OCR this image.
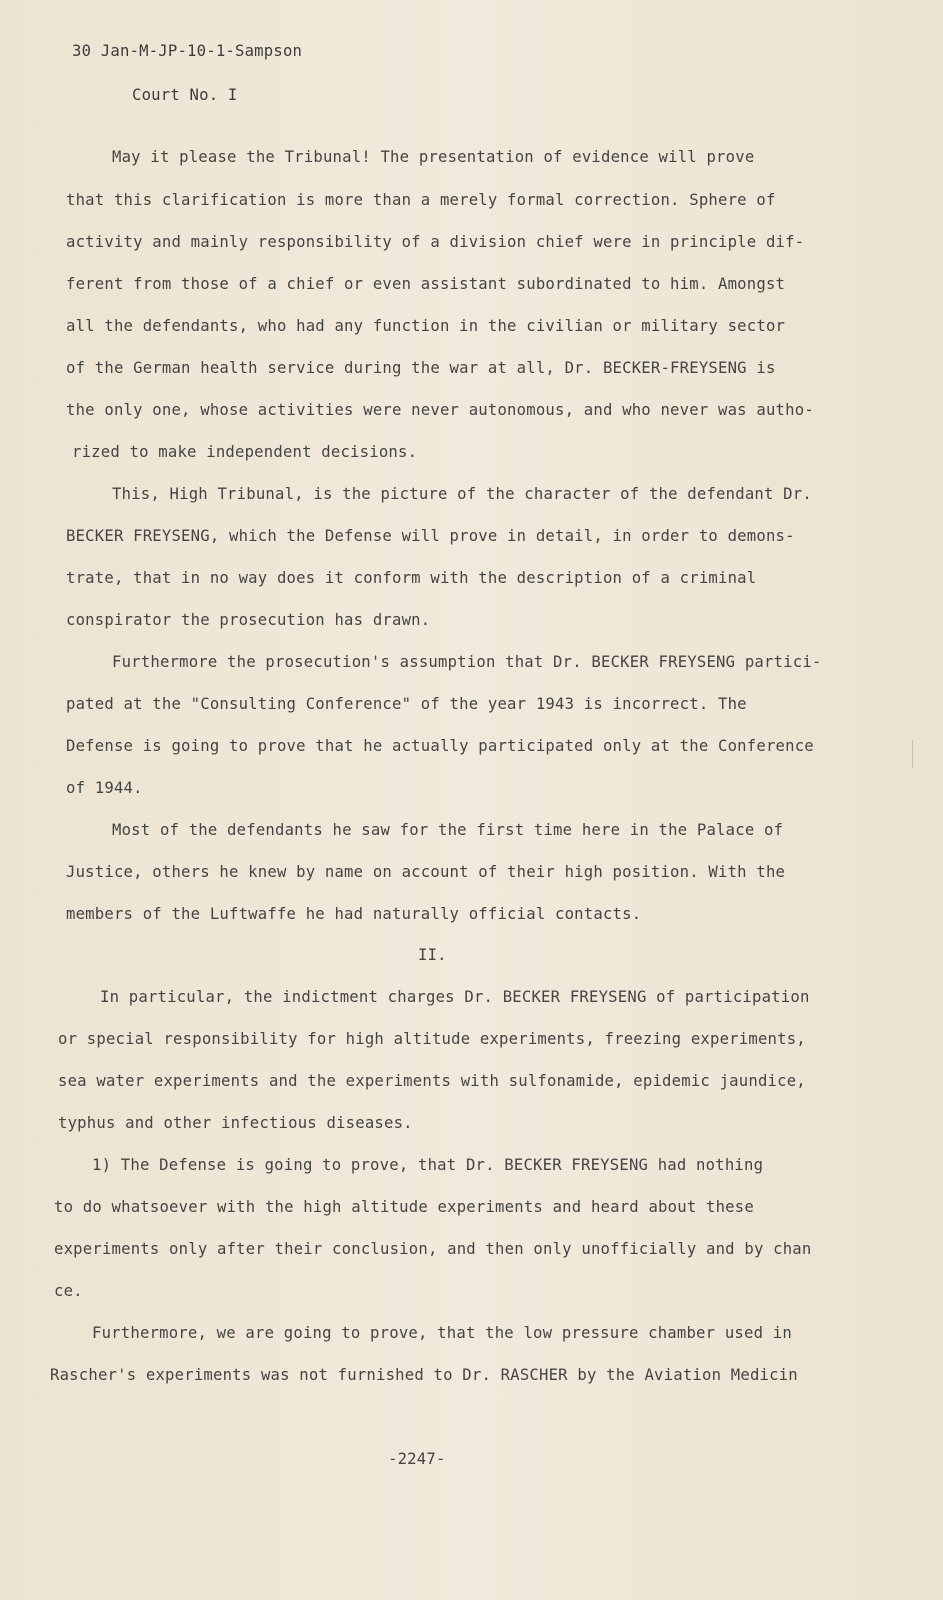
30 Jan-M-JP-10-1-Sampson
Court No. I
May it please the Tribunal! The presentation of evidence will prove
that this clarification is more than a merely formal correction. Sphere of
activity and mainly responsibility of a division chief were in principle dif-
ferent from those of a chief or even assistant subordinated to him. Amongst
all the defendants, who had any function in the civilian or military sector
of the German health service during the war at all, Dr. BECKER-FREYSENG is
the only one, whose activities were never autonomous, and who never was autho-
rized to make independent decisions.
This, High Tribunal, is the picture of the character of the defendant Dr.
BECKER FREYSENG, which the Defense will prove in detail, in order to demons-
trate, that in no way does it conform with the description of a criminal
conspirator the prosecution has drawn.
Furthermore the prosecution's assumption that Dr. BECKER FREYSENG partici-
pated at the "Consulting Conference" of the year 1943 is incorrect. The
Defense is going to prove that he actually participated only at the Conference
of 1944.
Most of the defendants he saw for the first time here in the Palace of
Justice, others he knew by name on account of their high position. With the
members of the Luftwaffe he had naturally official contacts.
II.
In particular, the indictment charges Dr. BECKER FREYSENG of participation
or special responsibility for high altitude experiments, freezing experiments,
sea water experiments and the experiments with sulfonamide, epidemic jaundice,
typhus and other infectious diseases.
1) The Defense is going to prove, that Dr. BECKER FREYSENG had nothing
to do whatsoever with the high altitude experiments and heard about these
experiments only after their conclusion, and then only unofficially and by chan
ce.
Furthermore, we are going to prove, that the low pressure chamber used in
Rascher's experiments was not furnished to Dr. RASCHER by the Aviation Medicin
-2247-
